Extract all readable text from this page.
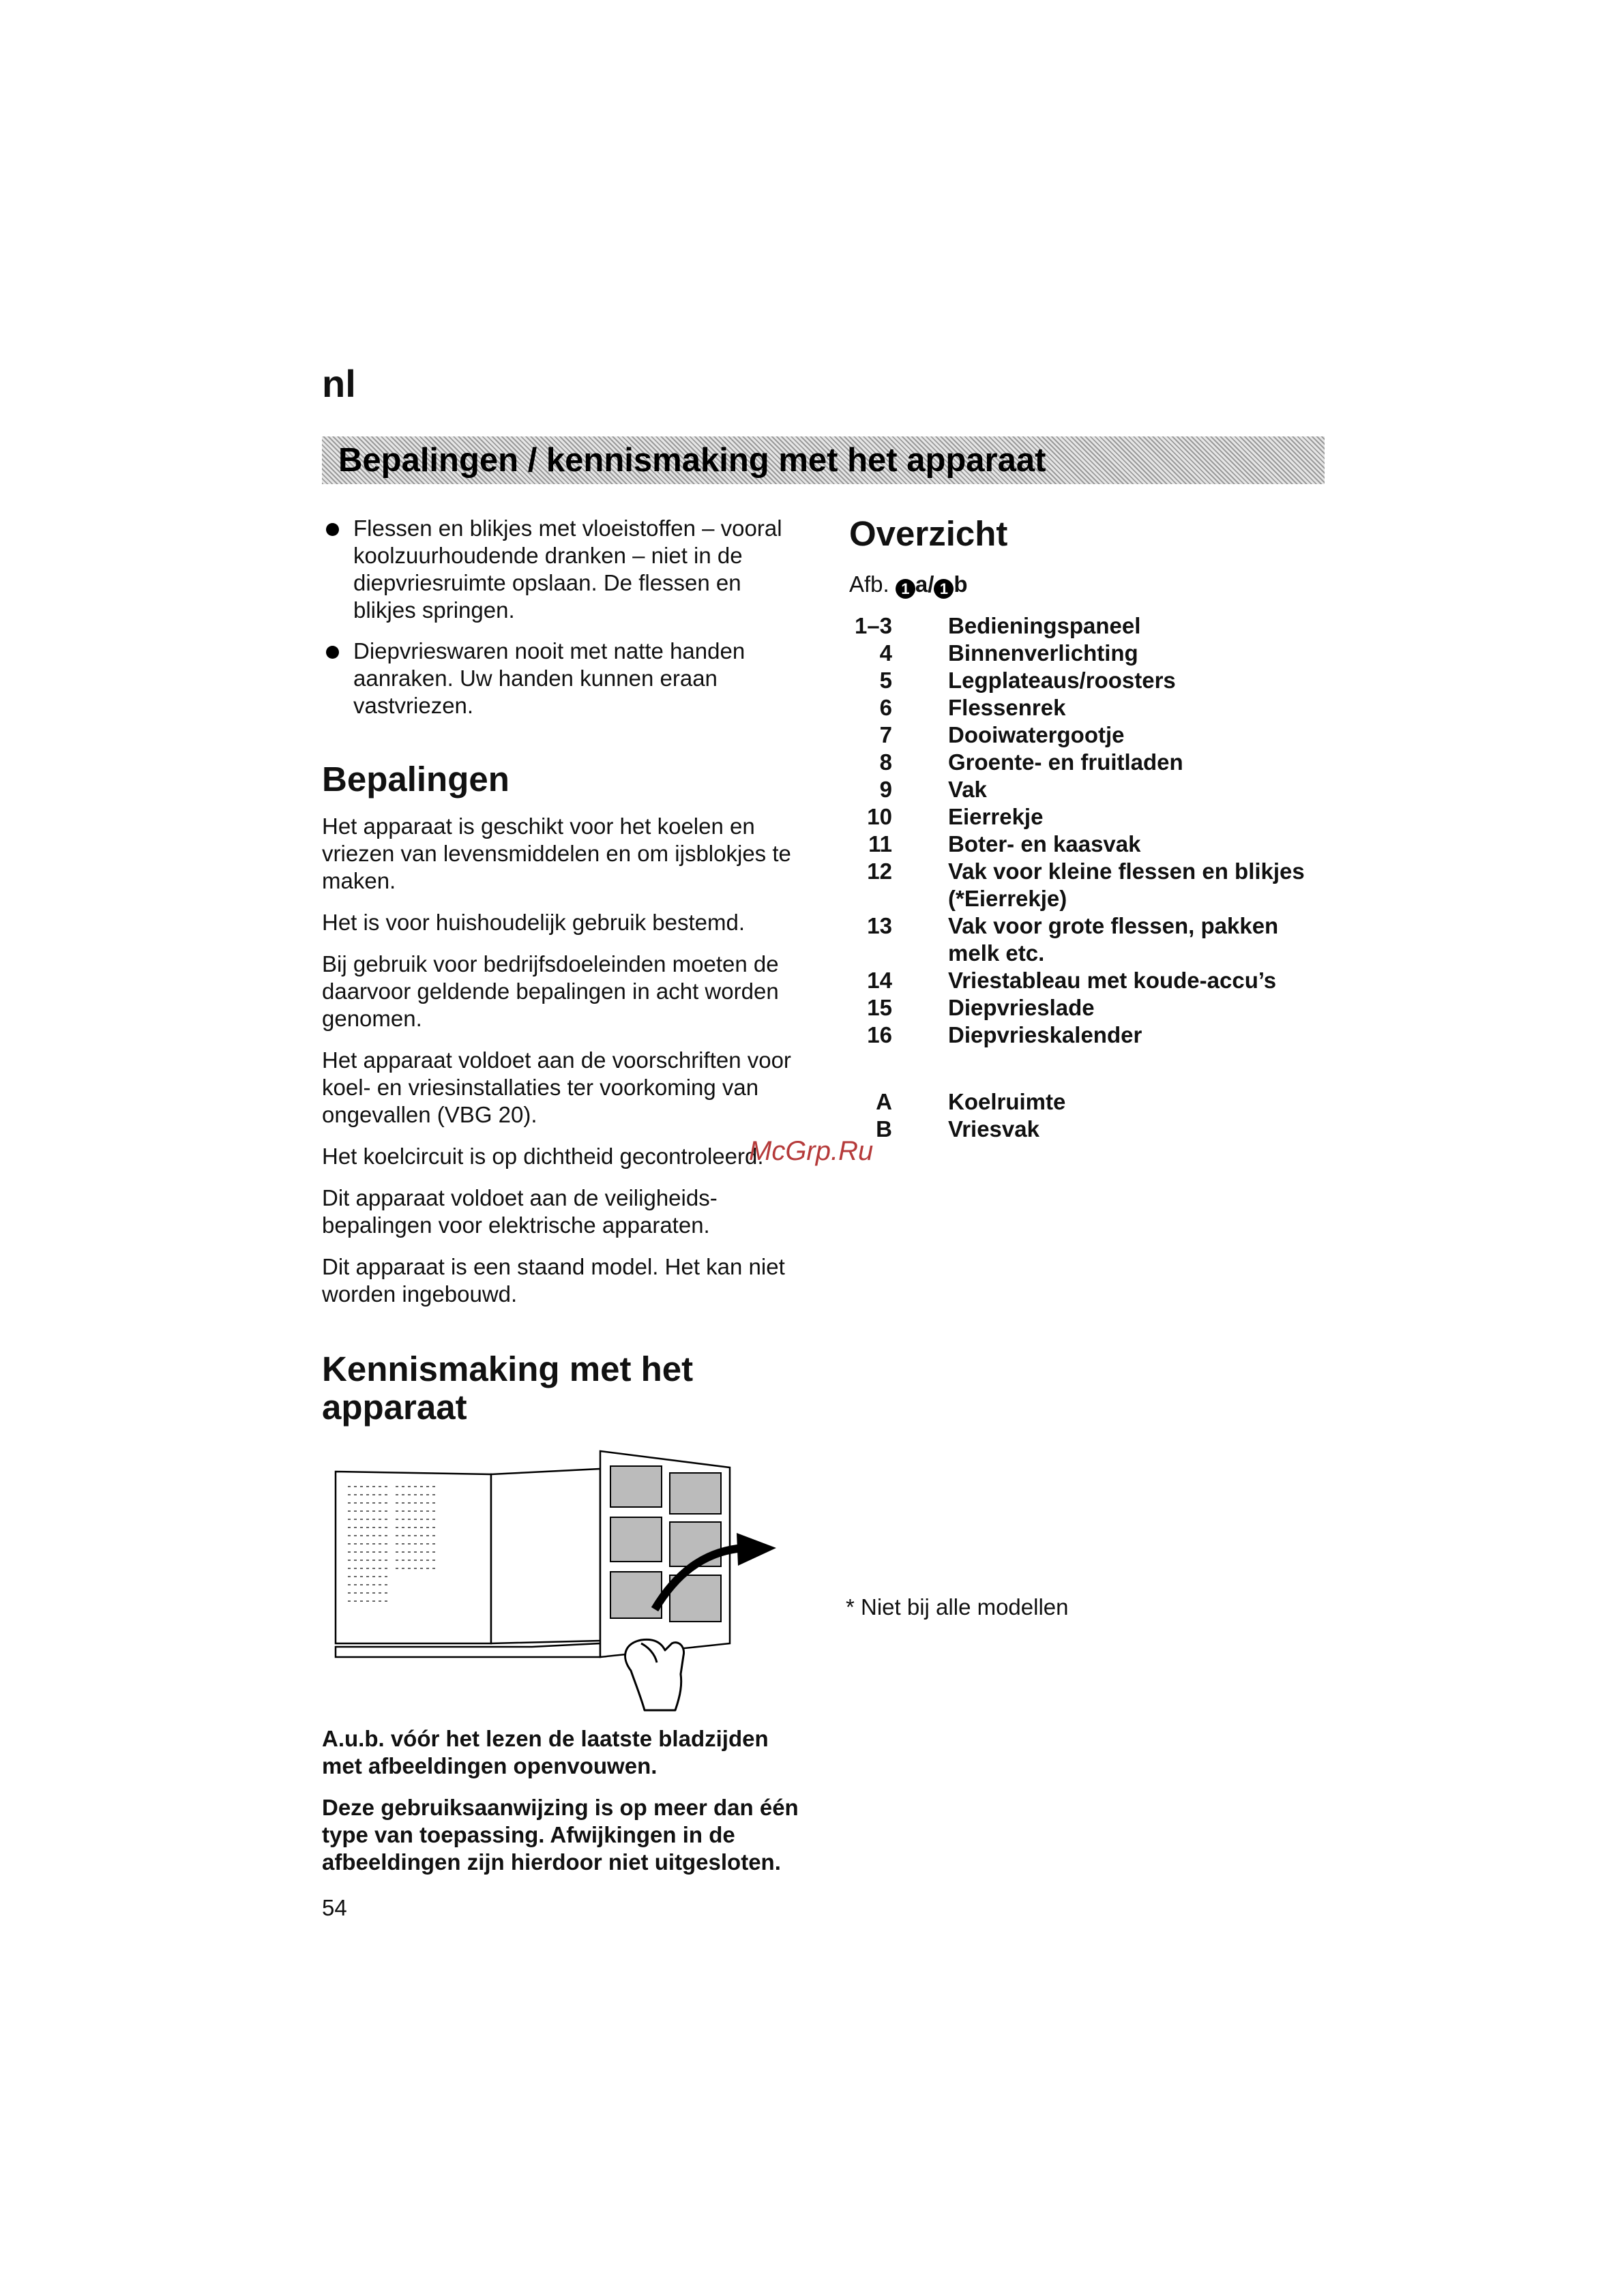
nl
Bepalingen / kennismaking met het apparaat
Flessen en blikjes met vloeistoffen – vooral koolzuurhoudende dranken – niet in de diepvriesruimte opslaan. De flessen en blikjes springen.
Diepvrieswaren nooit met natte handen aanraken. Uw handen kunnen eraan vastvriezen.
Bepalingen

Het apparaat is geschikt voor het koelen en vriezen van levensmiddelen en om ijsblokjes te maken.

Het is voor huishoudelijk gebruik bestemd.

Bij gebruik voor bedrijfsdoeleinden moeten de daarvoor geldende bepalingen in acht worden genomen.

Het apparaat voldoet aan de voorschriften voor koel- en vriesinstallaties ter voorkoming van ongevallen (VBG 20).

Het koelcircuit is op dichtheid gecontroleerd.

Dit apparaat voldoet aan de veiligheids-bepalingen voor elektrische apparaten.

Dit apparaat is een staand model. Het kan niet worden ingebouwd.

Kennismaking met het
apparaat

A.u.b. vóór het lezen de laatste bladzijden met afbeeldingen openvouwen.

Deze gebruiksaanwijzing is op meer dan één type van toepassing. Afwijkingen in de afbeeldingen zijn hierdoor niet uitgesloten.

54
Overzicht
Afb. 1 a/ 1 b
1–3 Bedieningspaneel
4 Binnenverlichting
5 Legplateaus/roosters
6 Flessenrek
7 Dooiwatergootje
8 Groente- en fruitladen
9 Vak
10 Eierrekje
11 Boter- en kaasvak
12 Vak voor kleine flessen en blikjes (*Eierrekje)
13 Vak voor grote flessen, pakken melk etc.
14 Vriestableau met koude-accu’s
15 Diepvrieslade
16 Diepvrieskalender
A Koelruimte
B Vriesvak
McGrp.Ru
* Niet bij alle modellen
